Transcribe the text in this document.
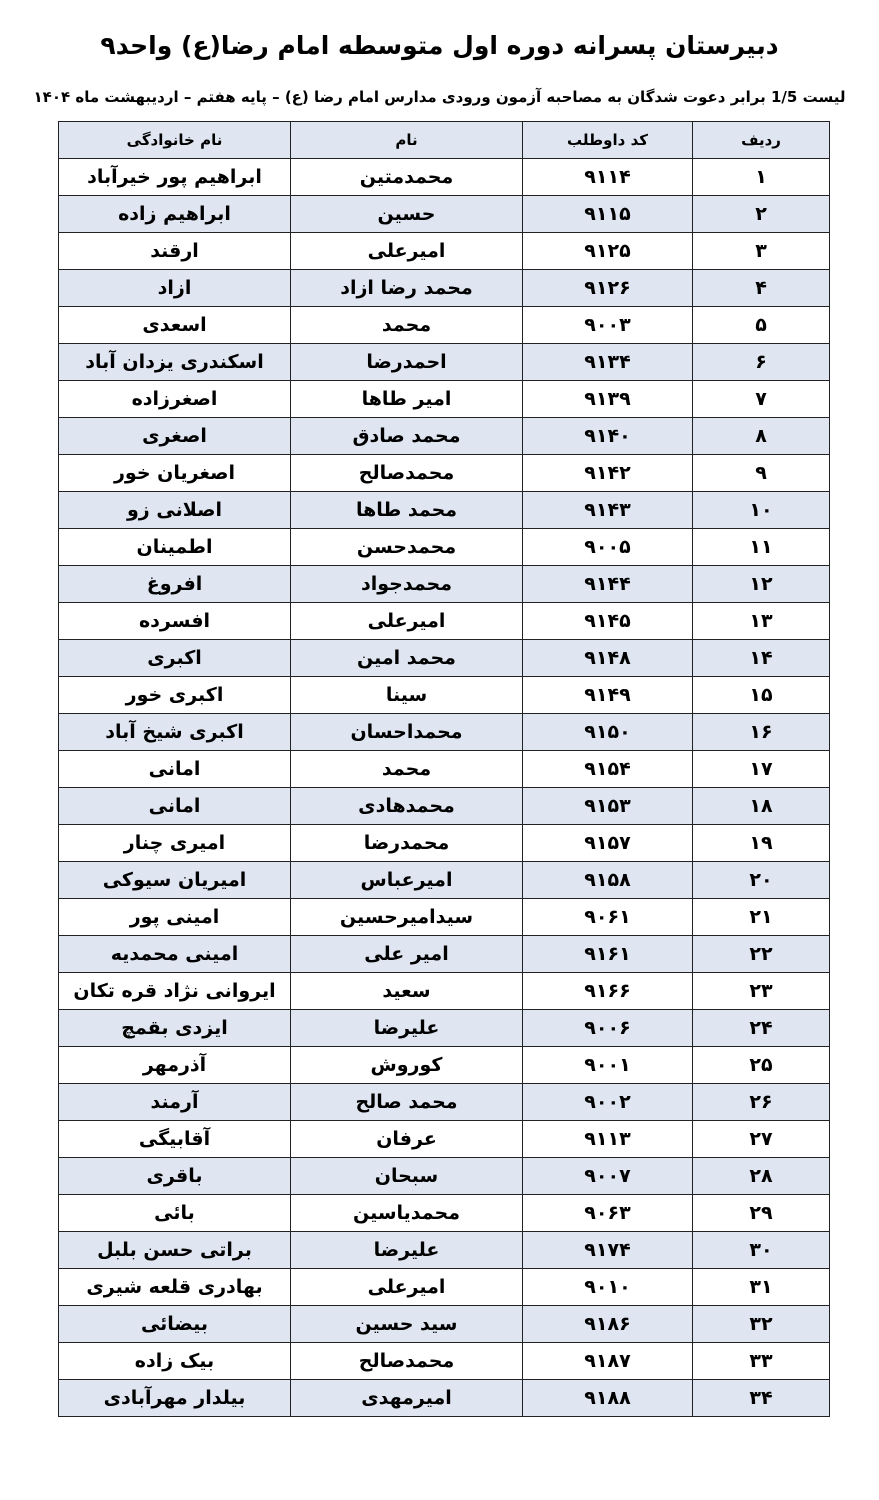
دبیرستان پسرانه دوره اول متوسطه امام رضا(ع) واحد۹
لیست 1/5 برابر دعوت شدگان به مصاحبه آزمون ورودی مدارس امام رضا (ع) – پایه هفتم – اردیبهشت ماه ۱۴۰۴
ردیف	کد داوطلب	نام	نام خانوادگی
۱	۹۱۱۴	محمدمتین	ابراهیم پور خیرآباد
۲	۹۱۱۵	حسین	ابراهیم زاده
۳	۹۱۲۵	امیرعلی	ارقند
۴	۹۱۲۶	محمد رضا ازاد	ازاد
۵	۹۰۰۳	محمد	اسعدی
۶	۹۱۳۴	احمدرضا	اسکندری یزدان آباد
۷	۹۱۳۹	امیر طاها	اصغرزاده
۸	۹۱۴۰	محمد صادق	اصغری
۹	۹۱۴۲	محمدصالح	اصغریان خور
۱۰	۹۱۴۳	محمد طاها	اصلانی زو
۱۱	۹۰۰۵	محمدحسن	اطمینان
۱۲	۹۱۴۴	محمدجواد	افروغ
۱۳	۹۱۴۵	امیرعلی	افسرده
۱۴	۹۱۴۸	محمد امین	اکبری
۱۵	۹۱۴۹	سینا	اکبری خور
۱۶	۹۱۵۰	محمداحسان	اکبری شیخ آباد
۱۷	۹۱۵۴	محمد	امانی
۱۸	۹۱۵۳	محمدهادی	امانی
۱۹	۹۱۵۷	محمدرضا	امیری چنار
۲۰	۹۱۵۸	امیرعباس	امیریان سیوکی
۲۱	۹۰۶۱	سیدامیرحسین	امینی پور
۲۲	۹۱۶۱	امیر علی	امینی محمدیه
۲۳	۹۱۶۶	سعید	ایروانی نژاد قره تکان
۲۴	۹۰۰۶	علیرضا	ایزدی بقمچ
۲۵	۹۰۰۱	کوروش	آذرمهر
۲۶	۹۰۰۲	محمد صالح	آرمند
۲۷	۹۱۱۳	عرفان	آقابیگی
۲۸	۹۰۰۷	سبحان	باقری
۲۹	۹۰۶۳	محمدیاسین	بائی
۳۰	۹۱۷۴	علیرضا	براتی حسن بلبل
۳۱	۹۰۱۰	امیرعلی	بهادری قلعه شیری
۳۲	۹۱۸۶	سید حسین	بیضائی
۳۳	۹۱۸۷	محمدصالح	بیک زاده
۳۴	۹۱۸۸	امیرمهدی	بیلدار مهرآبادی
